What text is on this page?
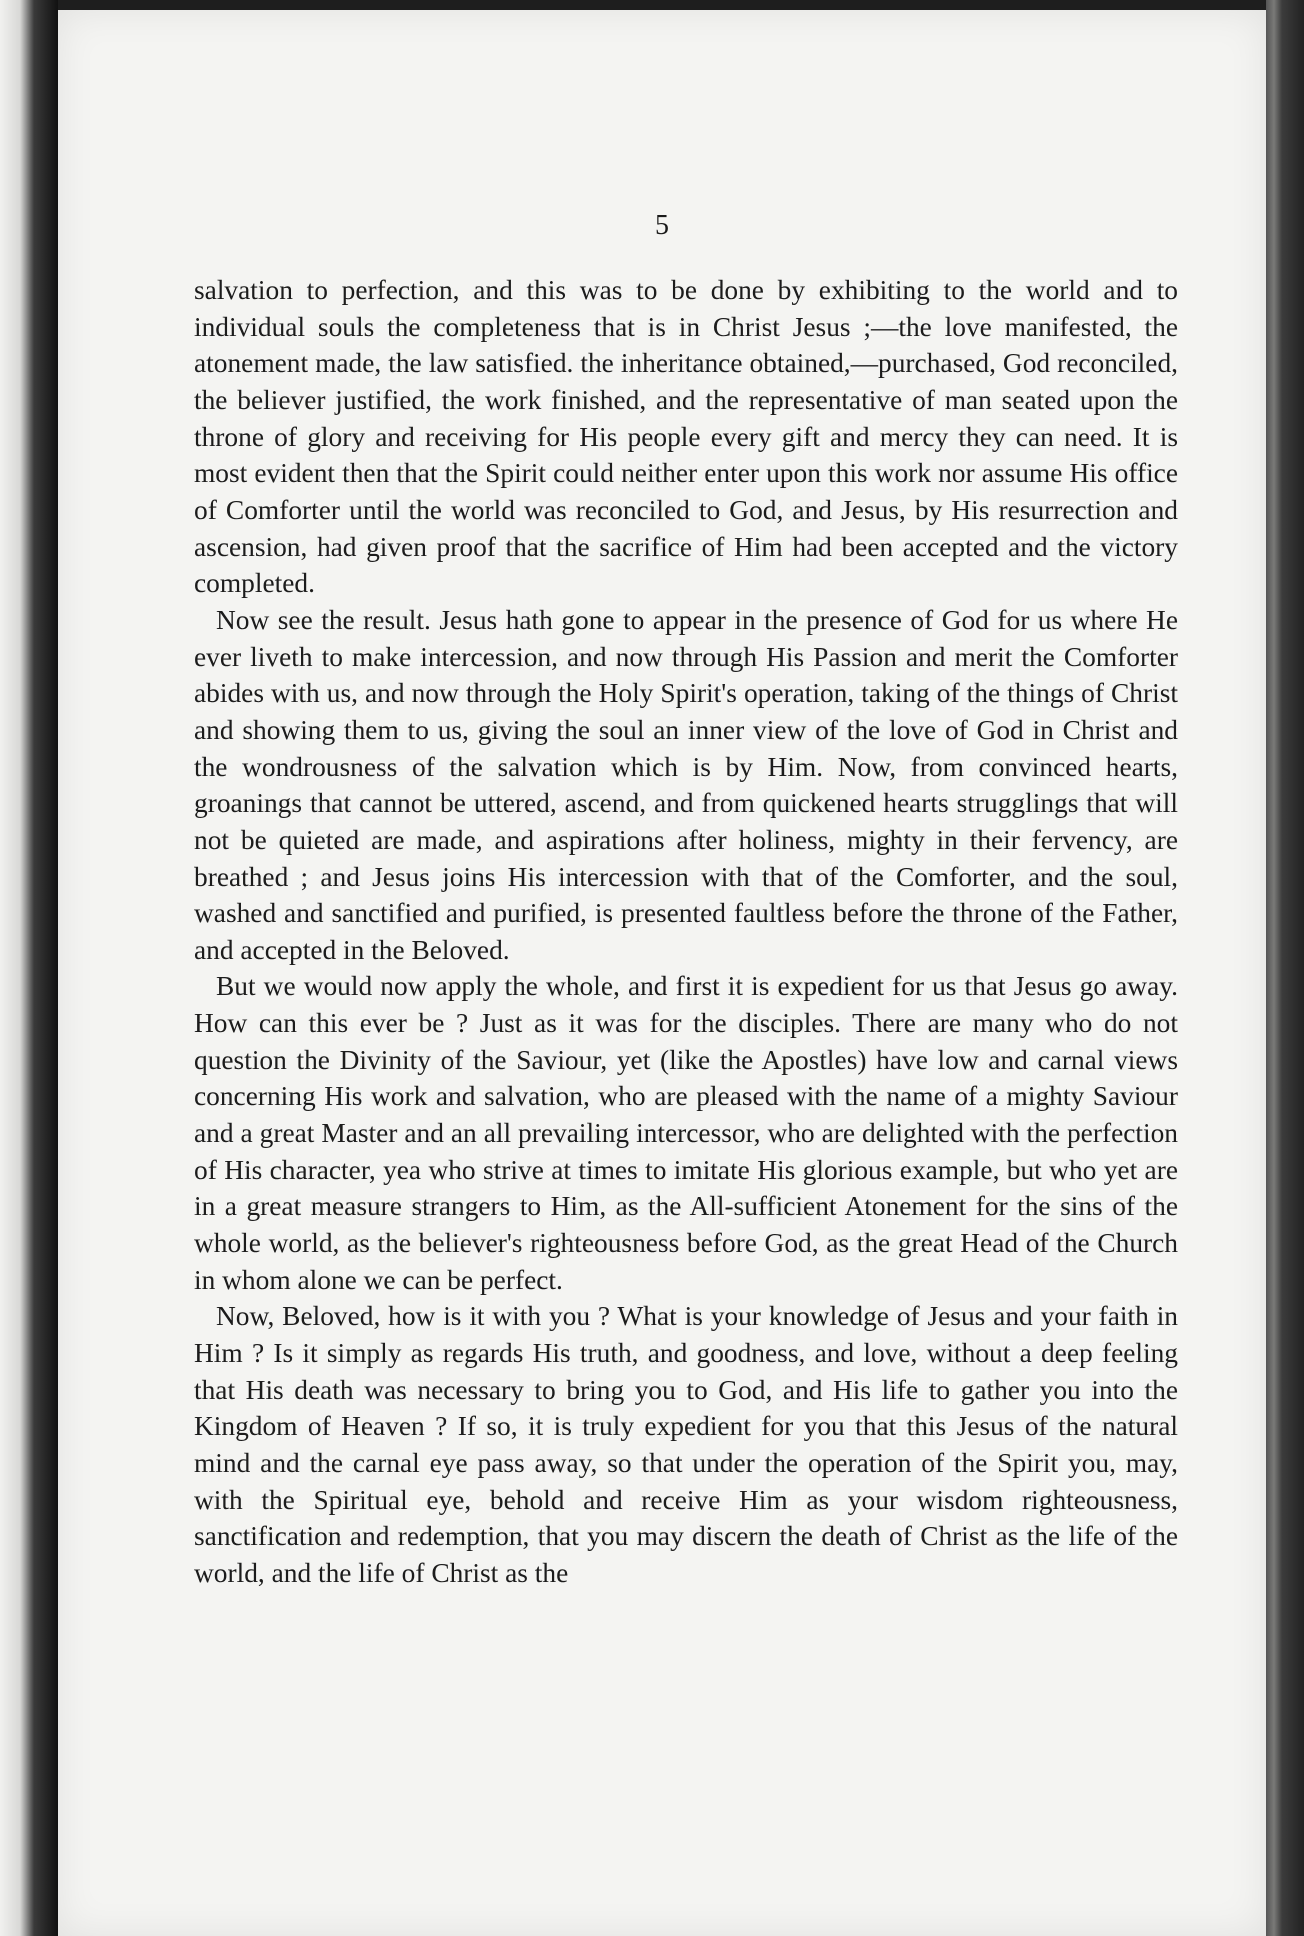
5

salvation to perfection, and this was to be done by exhibiting to the world and to individual souls the completeness that is in Christ Jesus ;—the love manifested, the atonement made, the law satisfied. the inheritance obtained,—purchased, God reconciled, the believer justified, the work finished, and the representative of man seated upon the throne of glory and receiving for His people every gift and mercy they can need. It is most evident then that the Spirit could neither enter upon this work nor assume His office of Comforter until the world was reconciled to God, and Jesus, by His resurrection and ascension, had given proof that the sacrifice of Him had been accepted and the victory completed.

Now see the result. Jesus hath gone to appear in the presence of God for us where He ever liveth to make intercession, and now through His Passion and merit the Comforter abides with us, and now through the Holy Spirit's operation, taking of the things of Christ and showing them to us, giving the soul an inner view of the love of God in Christ and the wondrousness of the salvation which is by Him. Now, from convinced hearts, groanings that cannot be uttered, ascend, and from quickened hearts strugglings that will not be quieted are made, and aspirations after holiness, mighty in their fervency, are breathed ; and Jesus joins His intercession with that of the Comforter, and the soul, washed and sanctified and purified, is presented faultless before the throne of the Father, and accepted in the Beloved.

But we would now apply the whole, and first it is expedient for us that Jesus go away. How can this ever be ? Just as it was for the disciples. There are many who do not question the Divinity of the Saviour, yet (like the Apostles) have low and carnal views concerning His work and salvation, who are pleased with the name of a mighty Saviour and a great Master and an all prevailing intercessor, who are delighted with the perfection of His character, yea who strive at times to imitate His glorious example, but who yet are in a great measure strangers to Him, as the All-sufficient Atonement for the sins of the whole world, as the believer's righteousness before God, as the great Head of the Church in whom alone we can be perfect.

Now, Beloved, how is it with you ? What is your knowledge of Jesus and your faith in Him ? Is it simply as regards His truth, and goodness, and love, without a deep feeling that His death was necessary to bring you to God, and His life to gather you into the Kingdom of Heaven ? If so, it is truly expedient for you that this Jesus of the natural mind and the carnal eye pass away, so that under the operation of the Spirit you, may, with the Spiritual eye, behold and receive Him as your wisdom righteousness, sanctification and redemption, that you may discern the death of Christ as the life of the world, and the life of Christ as the
